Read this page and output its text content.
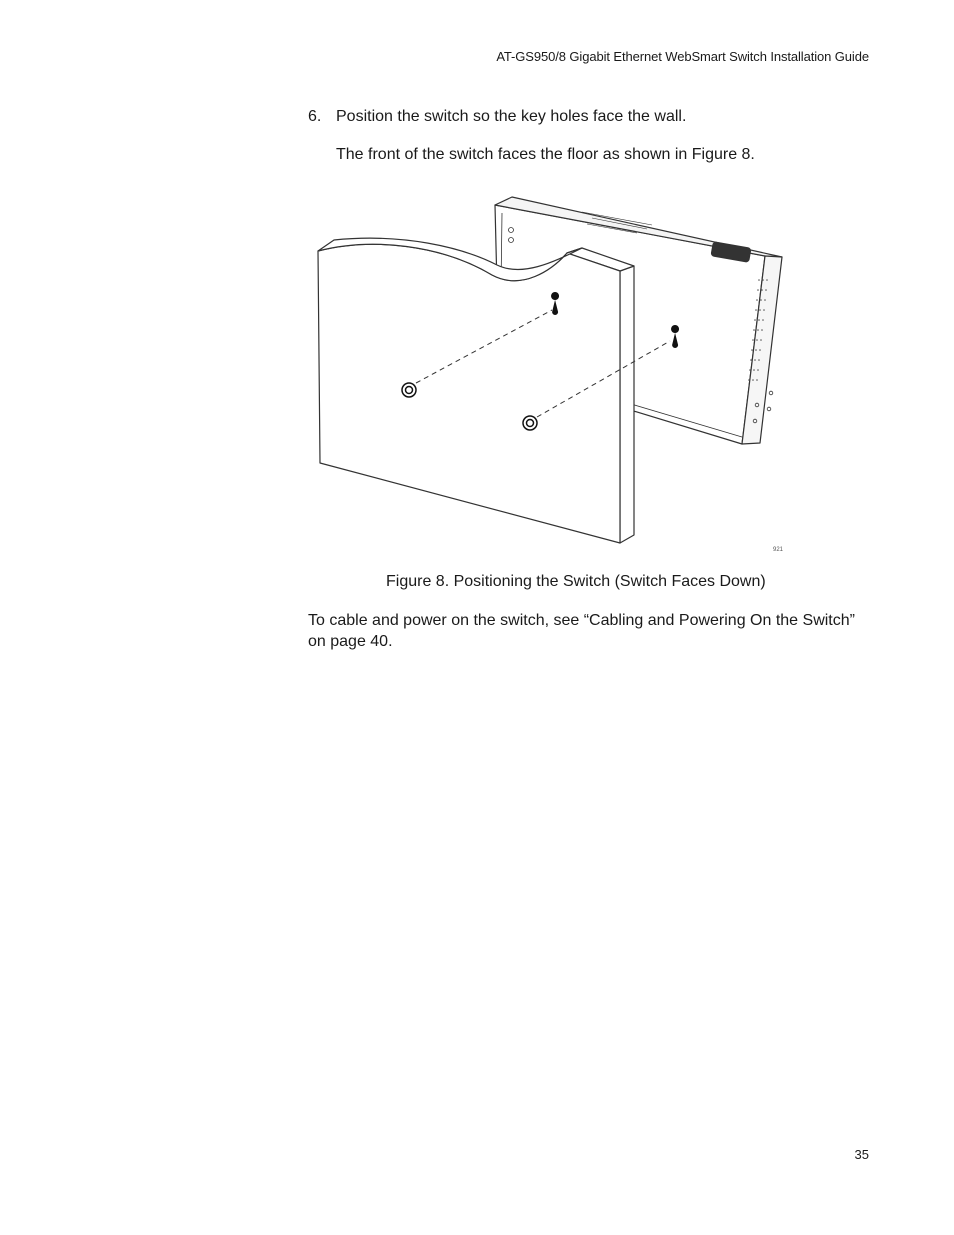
AT-GS950/8 Gigabit Ethernet WebSmart Switch Installation Guide
6. Position the switch so the key holes face the wall.
The front of the switch faces the floor as shown in Figure 8.
921
Figure 8. Positioning the Switch (Switch Faces Down)
To cable and power on the switch, see “Cabling and Powering On the Switch” on page 40.
35
